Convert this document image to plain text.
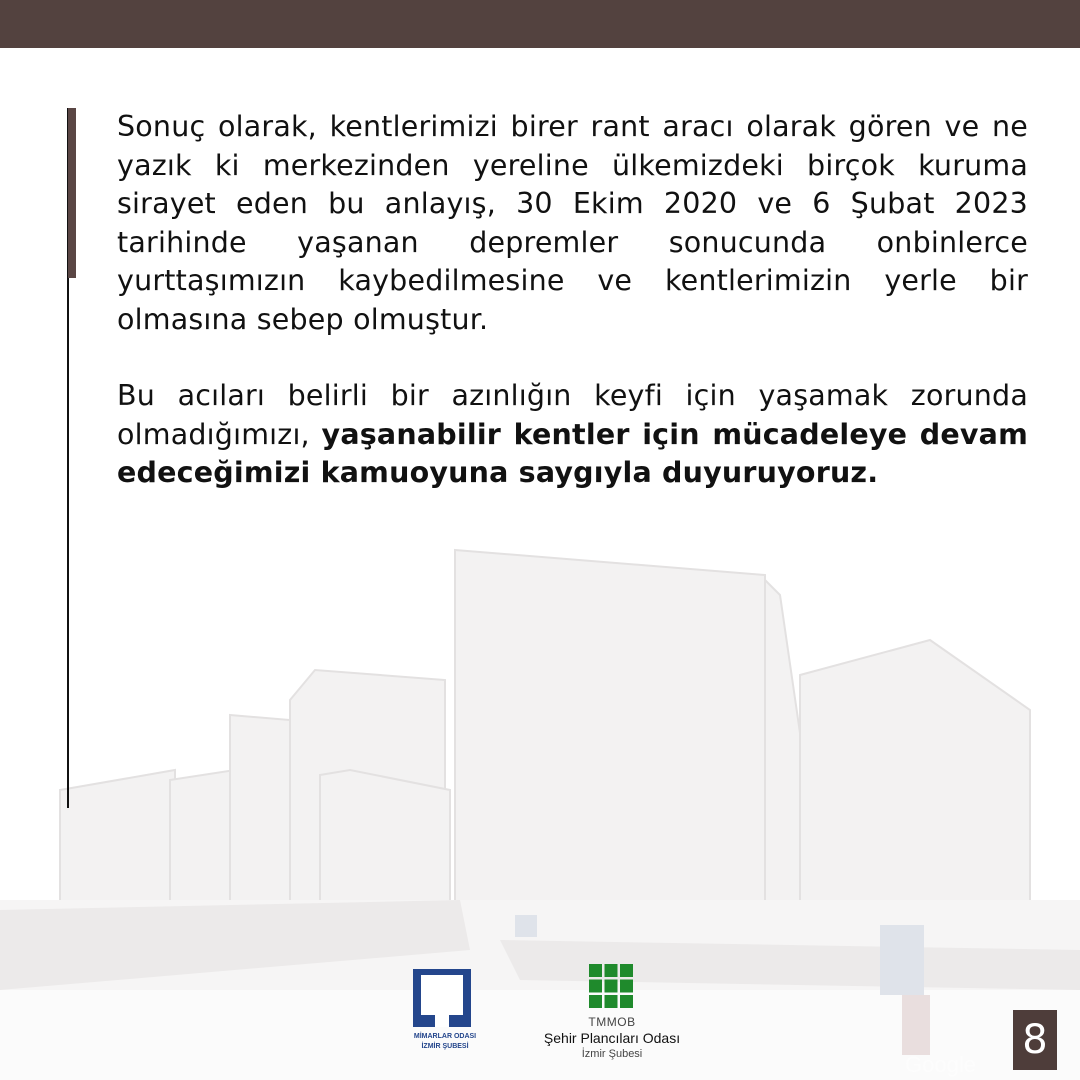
Sonuç olarak, kentlerimizi birer rant aracı olarak gören ve ne yazık ki merkezinden yereline ülkemizdeki birçok kuruma sirayet eden bu anlayış, 30 Ekim 2020 ve 6 Şubat 2023 tarihinde yaşanan depremler sonucunda onbinlerce yurttaşımızın kaybedilmesine ve kentlerimizin yerle bir olmasına sebep olmuştur.

Bu acıları belirli bir azınlığın keyfi için yaşamak zorunda olmadığımızı, yaşanabilir kentler için mücadeleye devam edeceğimizi kamuoyuna saygıyla duyuruyoruz.

MİMARLAR ODASI
İZMİR ŞUBESİ
TMMOB
Şehir Plancıları Odası
İzmir Şubesi	Google
8
